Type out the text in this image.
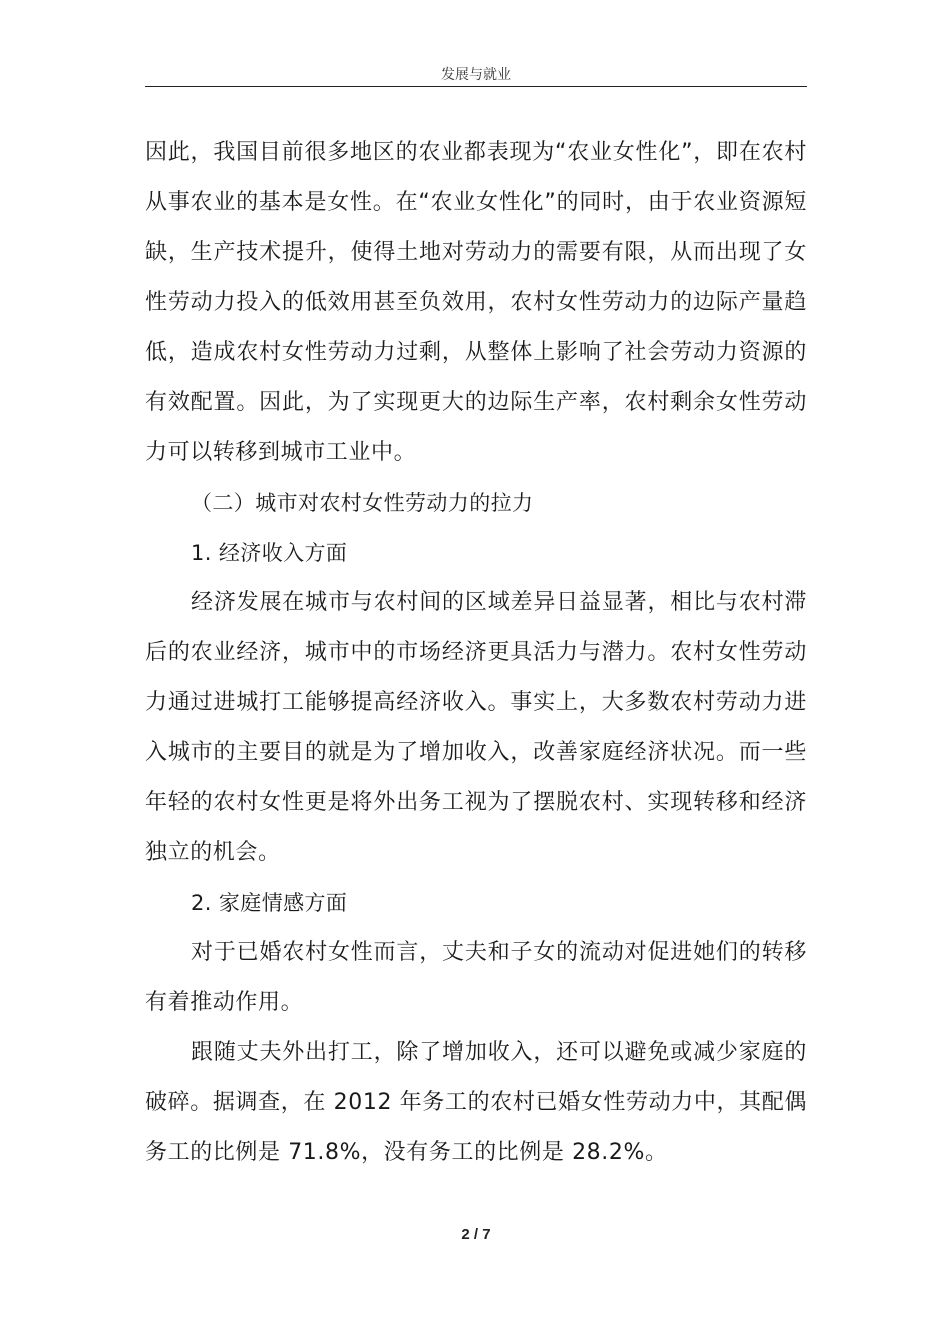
发展与就业

因此，我国目前很多地区的农业都表现为“农业女性化”，即在农村从事农业的基本是女性。在“农业女性化”的同时，由于农业资源短缺，生产技术提升，使得土地对劳动力的需要有限，从而出现了女性劳动力投入的低效用甚至负效用，农村女性劳动力的边际产量趋低，造成农村女性劳动力过剩，从整体上影响了社会劳动力资源的有效配置。因此，为了实现更大的边际生产率，农村剩余女性劳动力可以转移到城市工业中。

（二）城市对农村女性劳动力的拉力

1. 经济收入方面

经济发展在城市与农村间的区域差异日益显著，相比与农村滞后的农业经济，城市中的市场经济更具活力与潜力。农村女性劳动力通过进城打工能够提高经济收入。事实上，大多数农村劳动力进入城市的主要目的就是为了增加收入，改善家庭经济状况。而一些年轻的农村女性更是将外出务工视为了摆脱农村、实现转移和经济独立的机会。

2. 家庭情感方面

对于已婚农村女性而言，丈夫和子女的流动对促进她们的转移有着推动作用。

跟随丈夫外出打工，除了增加收入，还可以避免或减少家庭的破碎。据调查，在 2012 年务工的农村已婚女性劳动力中，其配偶务工的比例是 71.8%，没有务工的比例是 28.2%。

2 / 7
